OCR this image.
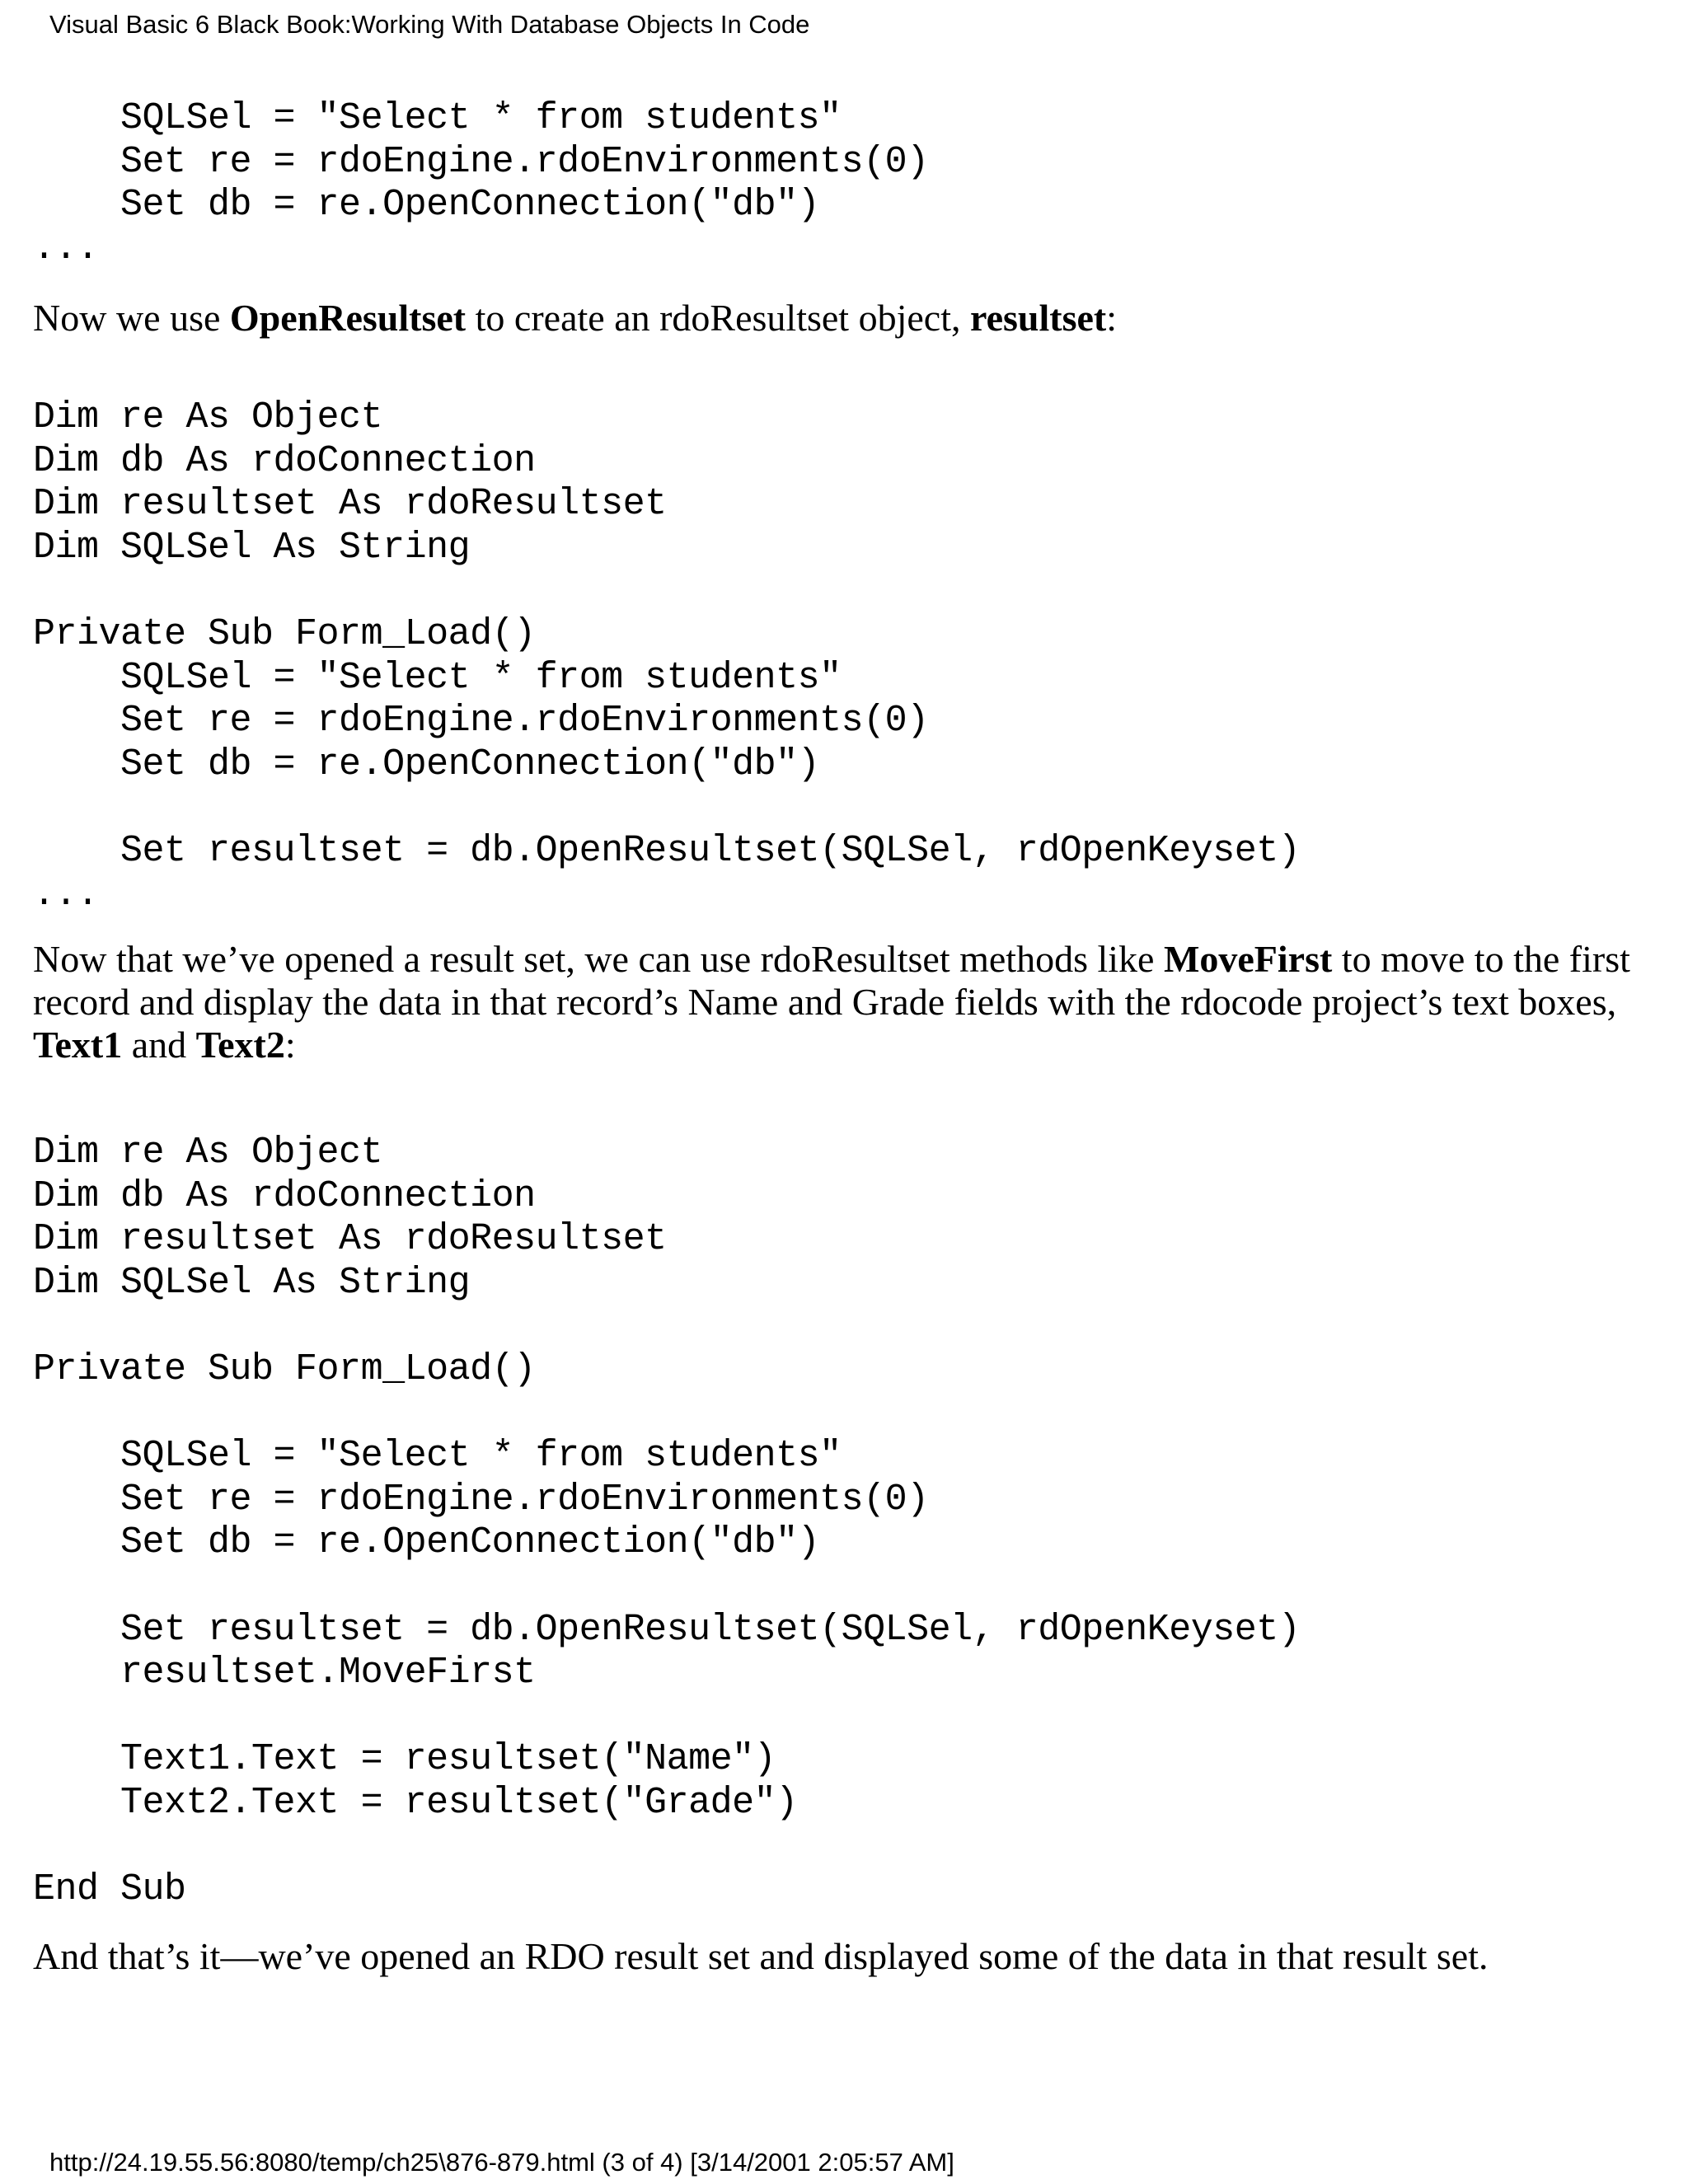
Visual Basic 6 Black Book:Working With Database Objects In Code
SQLSel = "Select * from students"
Set re = rdoEngine.rdoEnvironments(0)
Set db = re.OpenConnection("db")
...

Now we use OpenResultset to create an rdoResultset object, resultset:

Dim re As Object
Dim db As rdoConnection
Dim resultset As rdoResultset
Dim SQLSel As String

Private Sub Form_Load()
SQLSel = "Select * from students"
Set re = rdoEngine.rdoEnvironments(0)
Set db = re.OpenConnection("db")

Set resultset = db.OpenResultset(SQLSel, rdOpenKeyset)
...

Now that we’ve opened a result set, we can use rdoResultset methods like MoveFirst to move to the first record and display the data in that record’s Name and Grade fields with the rdocode project’s text boxes, Text1 and Text2:

Dim re As Object
Dim db As rdoConnection
Dim resultset As rdoResultset
Dim SQLSel As String

Private Sub Form_Load()

SQLSel = "Select * from students"
Set re = rdoEngine.rdoEnvironments(0)
Set db = re.OpenConnection("db")

Set resultset = db.OpenResultset(SQLSel, rdOpenKeyset)
resultset.MoveFirst

Text1.Text = resultset("Name")
Text2.Text = resultset("Grade")

End Sub

And that’s it—we’ve opened an RDO result set and displayed some of the data in that result set.

http://24.19.55.56:8080/temp/ch25\876-879.html (3 of 4) [3/14/2001 2:05:57 AM]
